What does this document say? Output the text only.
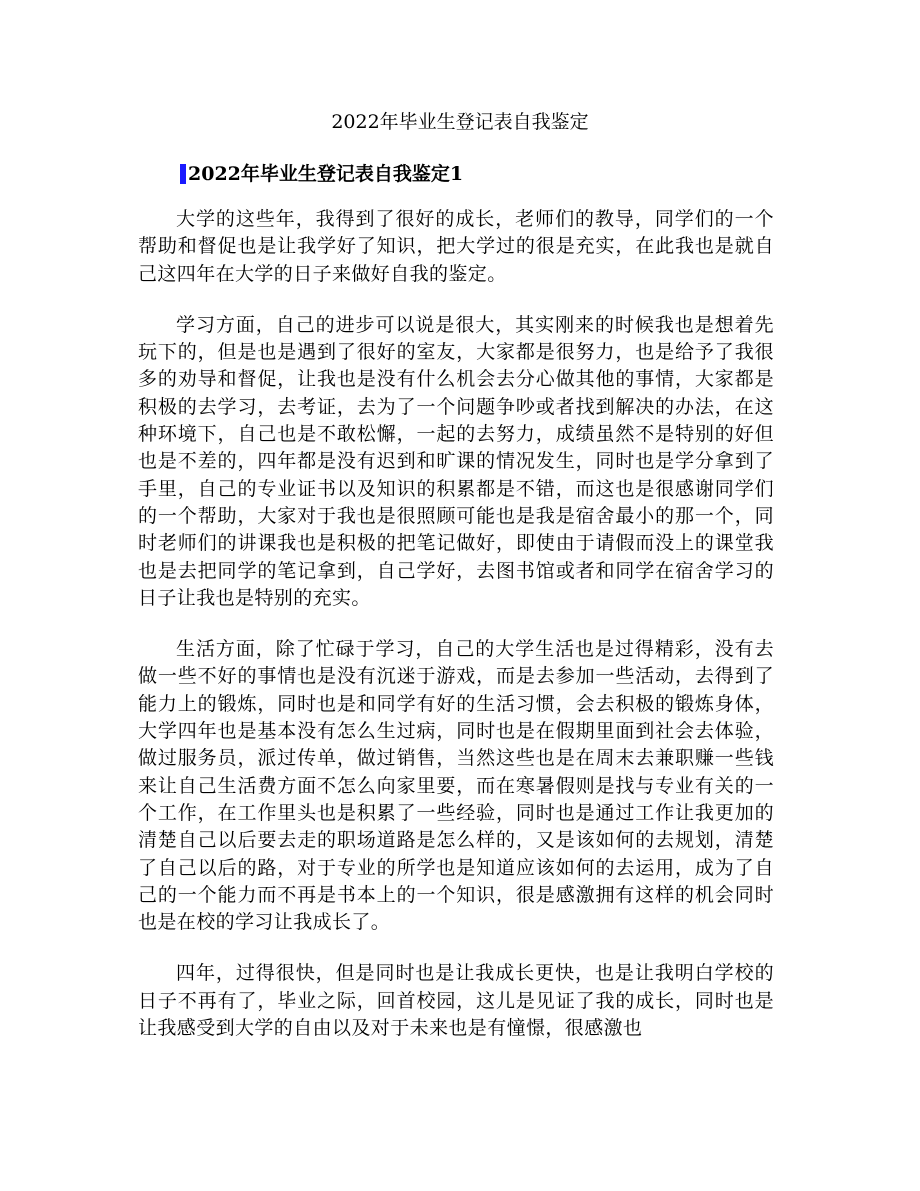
2022年毕业生登记表自我鉴定
2022年毕业生登记表自我鉴定1

大学的这些年，我得到了很好的成长，老师们的教导，同学们的一个帮助和督促也是让我学好了知识，把大学过的很是充实，在此我也是就自己这四年在大学的日子来做好自我的鉴定。

学习方面，自己的进步可以说是很大，其实刚来的时候我也是想着先玩下的，但是也是遇到了很好的室友，大家都是很努力，也是给予了我很多的劝导和督促，让我也是没有什么机会去分心做其他的事情，大家都是积极的去学习，去考证，去为了一个问题争吵或者找到解决的办法，在这种环境下，自己也是不敢松懈，一起的去努力，成绩虽然不是特别的好但也是不差的，四年都是没有迟到和旷课的情况发生，同时也是学分拿到了手里，自己的专业证书以及知识的积累都是不错，而这也是很感谢同学们的一个帮助，大家对于我也是很照顾可能也是我是宿舍最小的那一个，同时老师们的讲课我也是积极的把笔记做好，即使由于请假而没上的课堂我也是去把同学的笔记拿到，自己学好，去图书馆或者和同学在宿舍学习的日子让我也是特别的充实。

生活方面，除了忙碌于学习，自己的大学生活也是过得精彩，没有去做一些不好的事情也是没有沉迷于游戏，而是去参加一些活动，去得到了能力上的锻炼，同时也是和同学有好的生活习惯，会去积极的锻炼身体，大学四年也是基本没有怎么生过病，同时也是在假期里面到社会去体验，做过服务员，派过传单，做过销售，当然这些也是在周末去兼职赚一些钱来让自己生活费方面不怎么向家里要，而在寒暑假则是找与专业有关的一个工作，在工作里头也是积累了一些经验，同时也是通过工作让我更加的清楚自己以后要去走的职场道路是怎么样的，又是该如何的去规划，清楚了自己以后的路，对于专业的所学也是知道应该如何的去运用，成为了自己的一个能力而不再是书本上的一个知识，很是感激拥有这样的机会同时也是在校的学习让我成长了。

四年，过得很快，但是同时也是让我成长更快，也是让我明白学校的日子不再有了，毕业之际，回首校园，这儿是见证了我的成长，同时也是让我感受到大学的自由以及对于未来也是有憧憬，很感激也
